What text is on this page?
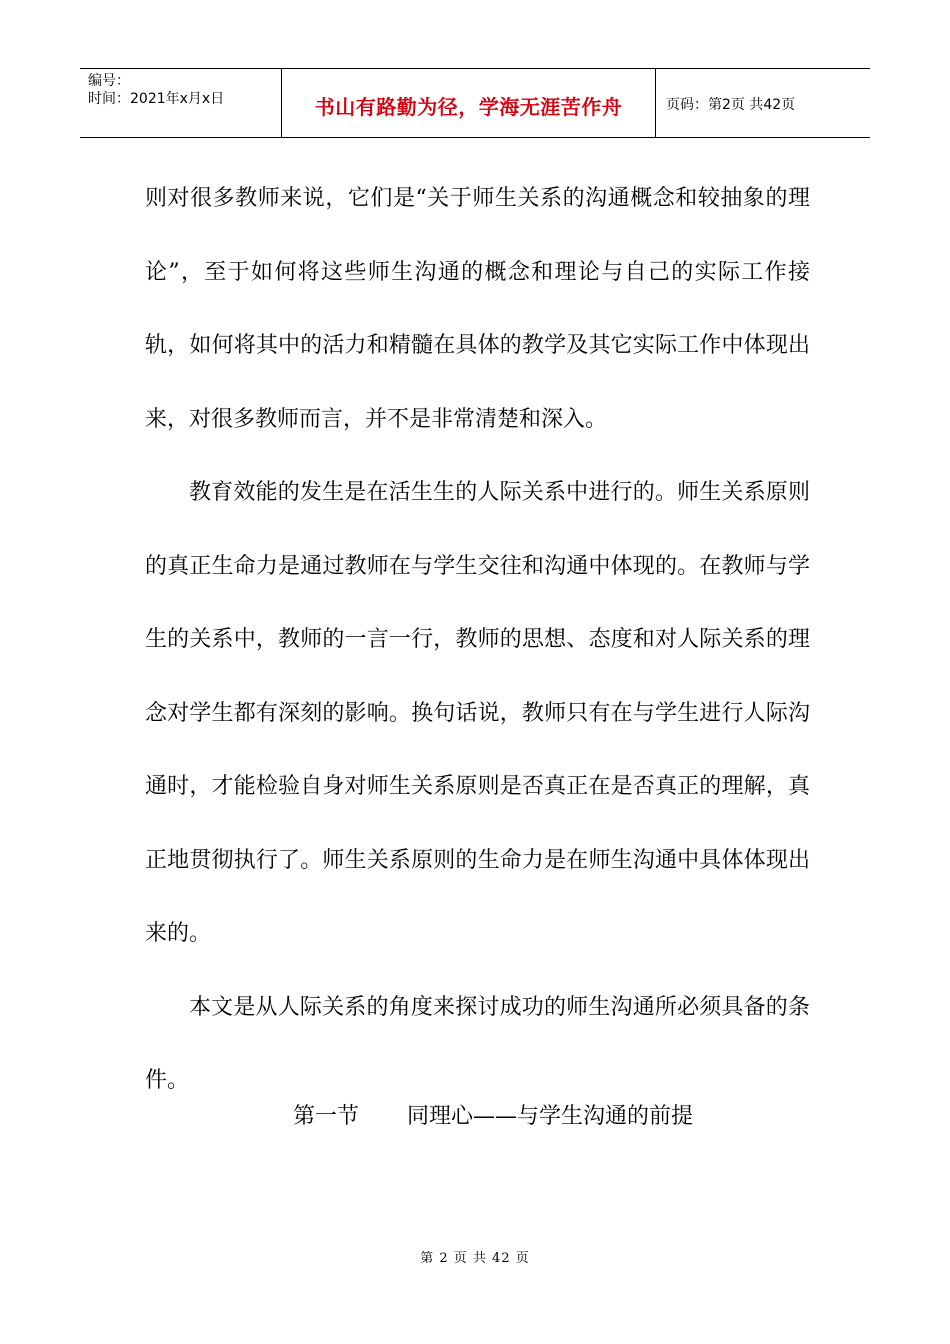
编号：
时间：2021年x月x日	书山有路勤为径，学海无涯苦作舟	页码：第2页 共42页

则对很多教师来说，它们是“关于师生关系的沟通概念和较抽象的理论”，至于如何将这些师生沟通的概念和理论与自己的实际工作接轨，如何将其中的活力和精髓在具体的教学及其它实际工作中体现出来，对很多教师而言，并不是非常清楚和深入。

教育效能的发生是在活生生的人际关系中进行的。师生关系原则的真正生命力是通过教师在与学生交往和沟通中体现的。在教师与学生的关系中，教师的一言一行，教师的思想、态度和对人际关系的理念对学生都有深刻的影响。换句话说，教师只有在与学生进行人际沟通时，才能检验自身对师生关系原则是否真正在是否真正的理解，真正地贯彻执行了。师生关系原则的生命力是在师生沟通中具体体现出来的。

本文是从人际关系的角度来探讨成功的师生沟通所必须具备的条件。

第一节 同理心——与学生沟通的前提
第 2 页 共 42 页
